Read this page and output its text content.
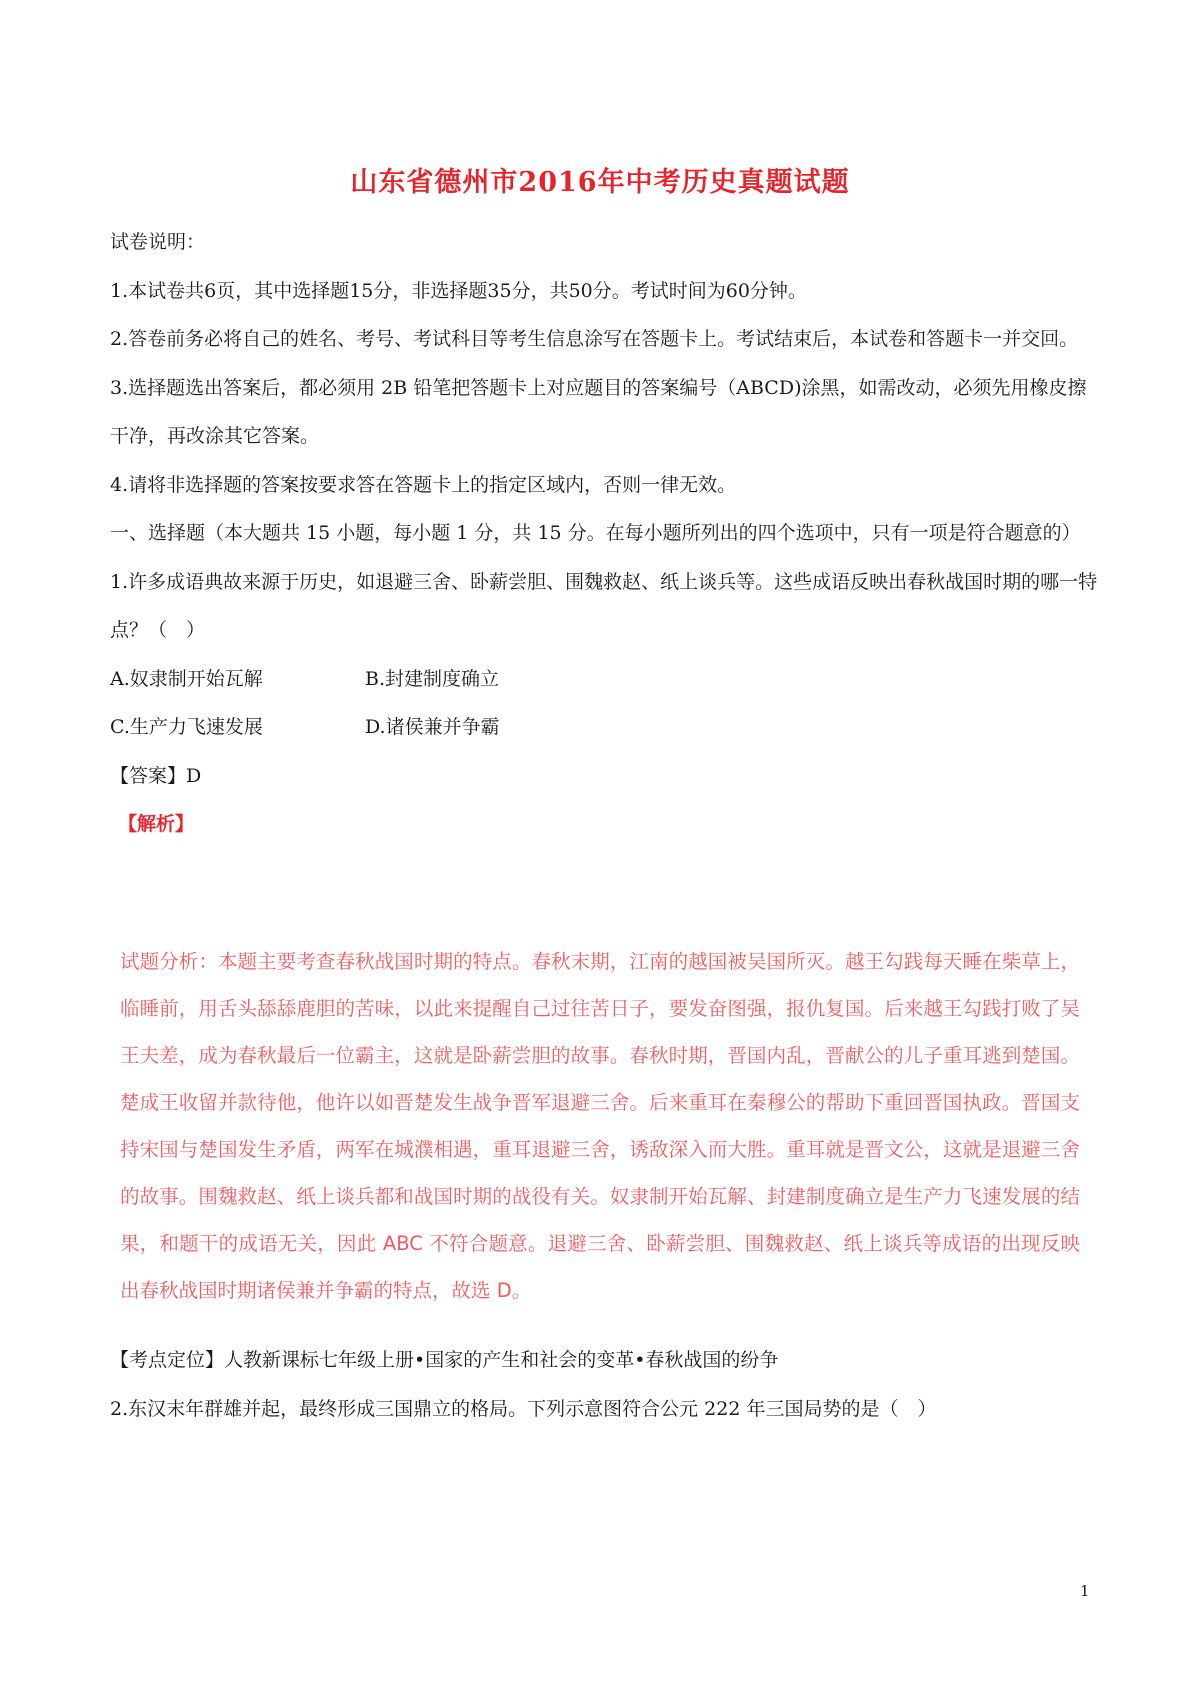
山东省德州市2016年中考历史真题试题

试卷说明：

1.本试卷共6页，其中选择题15分，非选择题35分，共50分。考试时间为60分钟。

2.答卷前务必将自己的姓名、考号、考试科目等考生信息涂写在答题卡上。考试结束后，本试卷和答题卡一并交回。

3.选择题选出答案后，都必须用 2B 铅笔把答题卡上对应题目的答案编号（ABCD)涂黑，如需改动，必须先用橡皮擦干净，再改涂其它答案。

4.请将非选择题的答案按要求答在答题卡上的指定区域内，否则一律无效。

一、选择题（本大题共 15 小题，每小题 1 分，共 15 分。在每小题所列出的四个选项中，只有一项是符合题意的）

1.许多成语典故来源于历史，如退避三舍、卧薪尝胆、围魏救赵、纸上谈兵等。这些成语反映出春秋战国时期的哪一特点？（　）

A.奴隶制开始瓦解	B.封建制度确立
C.生产力飞速发展	D.诸侯兼并争霸

【答案】D

【解析】

试题分析：本题主要考查春秋战国时期的特点。春秋末期，江南的越国被吴国所灭。越王勾践每天睡在柴草上，临睡前，用舌头舔舔鹿胆的苦味，以此来提醒自己过往苦日子，要发奋图强，报仇复国。后来越王勾践打败了吴王夫差，成为春秋最后一位霸主，这就是卧薪尝胆的故事。春秋时期，晋国内乱，晋献公的儿子重耳逃到楚国。楚成王收留并款待他，他许以如晋楚发生战争晋军退避三舍。后来重耳在秦穆公的帮助下重回晋国执政。晋国支持宋国与楚国发生矛盾，两军在城濮相遇，重耳退避三舍，诱敌深入而大胜。重耳就是晋文公，这就是退避三舍的故事。围魏救赵、纸上谈兵都和战国时期的战役有关。奴隶制开始瓦解、封建制度确立是生产力飞速发展的结果，和题干的成语无关，因此 ABC 不符合题意。退避三舍、卧薪尝胆、围魏救赵、纸上谈兵等成语的出现反映出春秋战国时期诸侯兼并争霸的特点，故选 D。

【考点定位】人教新课标七年级上册•国家的产生和社会的变革•春秋战国的纷争

2.东汉末年群雄并起，最终形成三国鼎立的格局。下列示意图符合公元 222 年三国局势的是（　）

1
